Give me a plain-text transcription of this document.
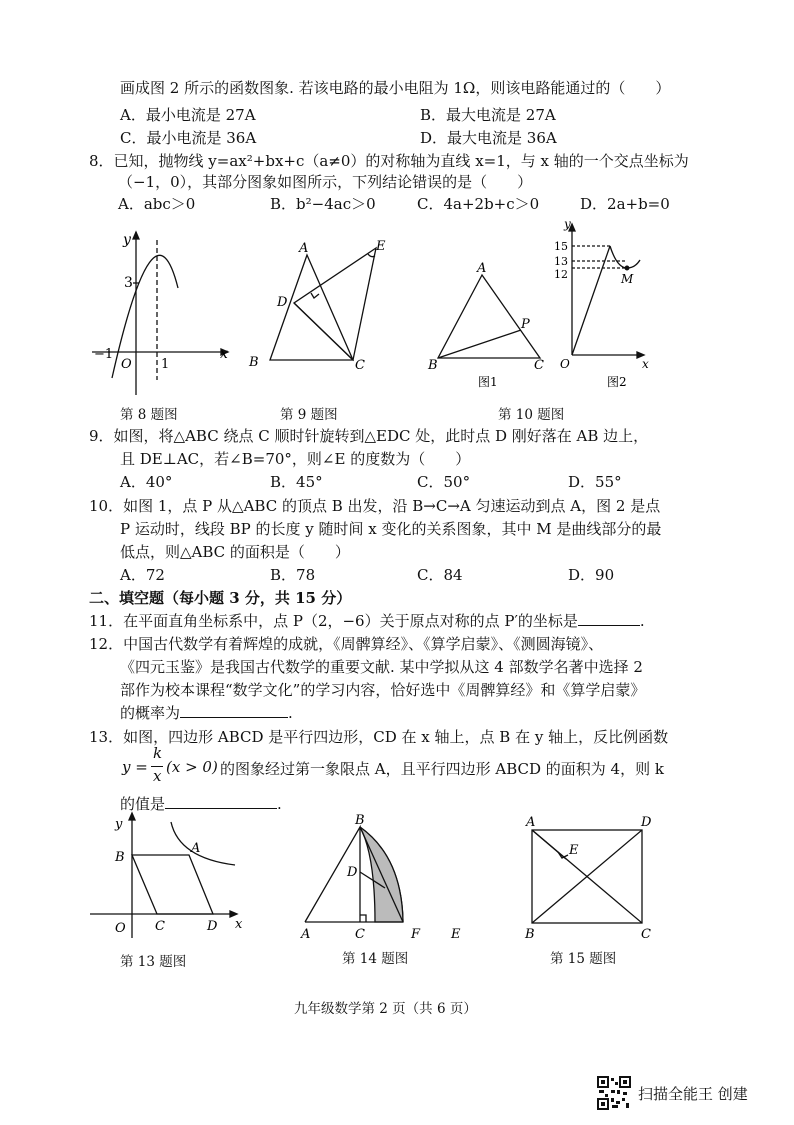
画成图 2 所示的函数图象. 若该电路的最小电阻为 1Ω，则该电路能通过的（　　）
A．最小电流是 27A	B．最大电流是 27A
C．最小电流是 36A	D．最大电流是 36A
8．已知，抛物线 y=ax²+bx+c（a≠0）的对称轴为直线 x=1，与 x 轴的一个交点坐标为
（−1，0），其部分图象如图所示，下列结论错误的是（　　）
A．abc＞0	B．b²−4ac＞0	C．4a+2b+c＞0	D．2a+b=0
y
x
3
−1
O 1
A
B	C
D
E
A
B	C
P
图1
y
x
O
15
13
12	M
图2
第 8 题图	第 9 题图	第 10 题图
9．如图，将△ABC 绕点 C 顺时针旋转到△EDC 处，此时点 D 刚好落在 AB 边上，
且 DE⊥AC，若∠B=70°，则∠E 的度数为（　　）
A．40°	B．45°	C．50°	D．55°
10．如图 1，点 P 从△ABC 的顶点 B 出发，沿 B→C→A 匀速运动到点 A，图 2 是点
P 运动时，线段 BP 的长度 y 随时间 x 变化的关系图象，其中 M 是曲线部分的最
低点，则△ABC 的面积是（　　）
A．72	B．78	C．84	D．90
二、填空题（每小题 3 分，共 15 分）
11．在平面直角坐标系中，点 P（2，−6）关于原点对称的点 P′的坐标是	.
12．中国古代数学有着辉煌的成就，《周髀算经》、《算学启蒙》、《测圆海镜》、
《四元玉鉴》是我国古代数学的重要文献. 某中学拟从这 4 部数学名著中选择 2
部作为校本课程“数学文化”的学习内容，恰好选中《周髀算经》和《算学启蒙》
的概率为	.
13．如图，四边形 ABCD 是平行四边形，CD 在 x 轴上，点 B 在 y 轴上，反比例函数
y =
k
x (x > 0) 的图象经过第一象限点 A，且平行四边形 ABCD 的面积为 4，则 k
的值是	.
y
x
O
B
A
C	D
B
A	C
D
F E
A	D
B	C
E
第 13 题图	第 14 题图	第 15 题图
九年级数学第 2 页（共 6 页）
扫描全能王 创建
